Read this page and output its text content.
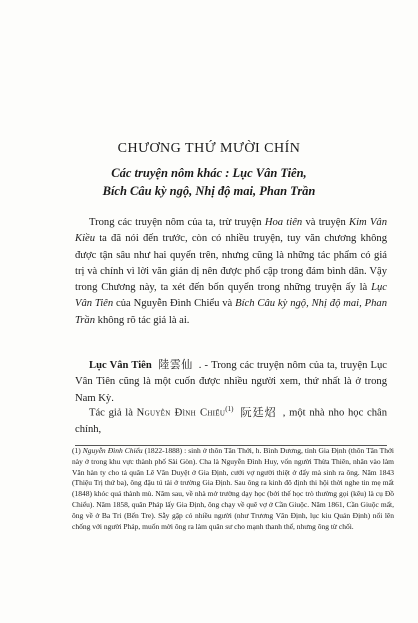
CHƯƠNG THỨ MƯỜI CHÍN
Các truyện nôm khác : Lục Vân Tiên,
Bích Câu kỳ ngộ, Nhị độ mai, Phan Trần
Trong các truyện nôm của ta, trừ truyện Hoa tiên và truyện Kim Vân Kiều ta đã nói đến trước, còn có nhiều truyện, tuy văn chương không được tận sâu như hai quyển trên, nhưng cũng là những tác phẩm có giá trị và chính vì lời văn giản dị nên được phổ cập trong đám bình dân. Vậy trong Chương này, ta xét đến bốn quyển trong những truyện ấy là Lục Vân Tiên của Nguyễn Đình Chiểu và Bích Câu kỳ ngộ, Nhị độ mai, Phan Trần không rõ tác giả là ai.
Lục Vân Tiên 陸雲仙 . - Trong các truyện nôm của ta, truyện Lục Vân Tiên cũng là một cuốn được nhiều người xem, thứ nhất là ở trong Nam Kỳ.
Tác giả là Nguyễn Đình Chiểu$^{(1)}$ 阮廷炤 , một nhà nho học chân chính,
(1) Nguyễn Đình Chiểu (1822-1888) : sinh ở thôn Tân Thới, h. Bình Dương, tỉnh Gia Định (thôn Tân Thới này ở trong khu vực thành phố Sài Gòn). Cha là Nguyễn Đình Huy, vốn người Thừa Thiên, nhân vào làm Văn hàn ty cho tả quân Lê Văn Duyệt ở Gia Định, cưới vợ người thiệt ở đấy mà sinh ra ông. Năm 1843 (Thiệu Trị thứ ba), ông đậu tú tài ở trường Gia Định. Sau ông ra kinh đô định thi hội thời nghe tin mẹ mất (1848) khóc quá thành mù. Năm sau, về nhà mở trường dạy học (bởi thế học trò thường gọi (kêu) là cụ Đồ Chiểu). Năm 1858, quân Pháp lấy Gia Định, ông chạy về quê vợ ở Cần Giuộc. Năm 1861, Cần Giuộc mất, ông về ở Ba Tri (Bến Tre). Sẵy gặp có nhiều người (như Trương Văn Định, lục kiu Quản Định) nổi lên chống với người Pháp, muốn mời ông ra làm quân sư cho mạnh thanh thế, nhưng ông từ chối.
